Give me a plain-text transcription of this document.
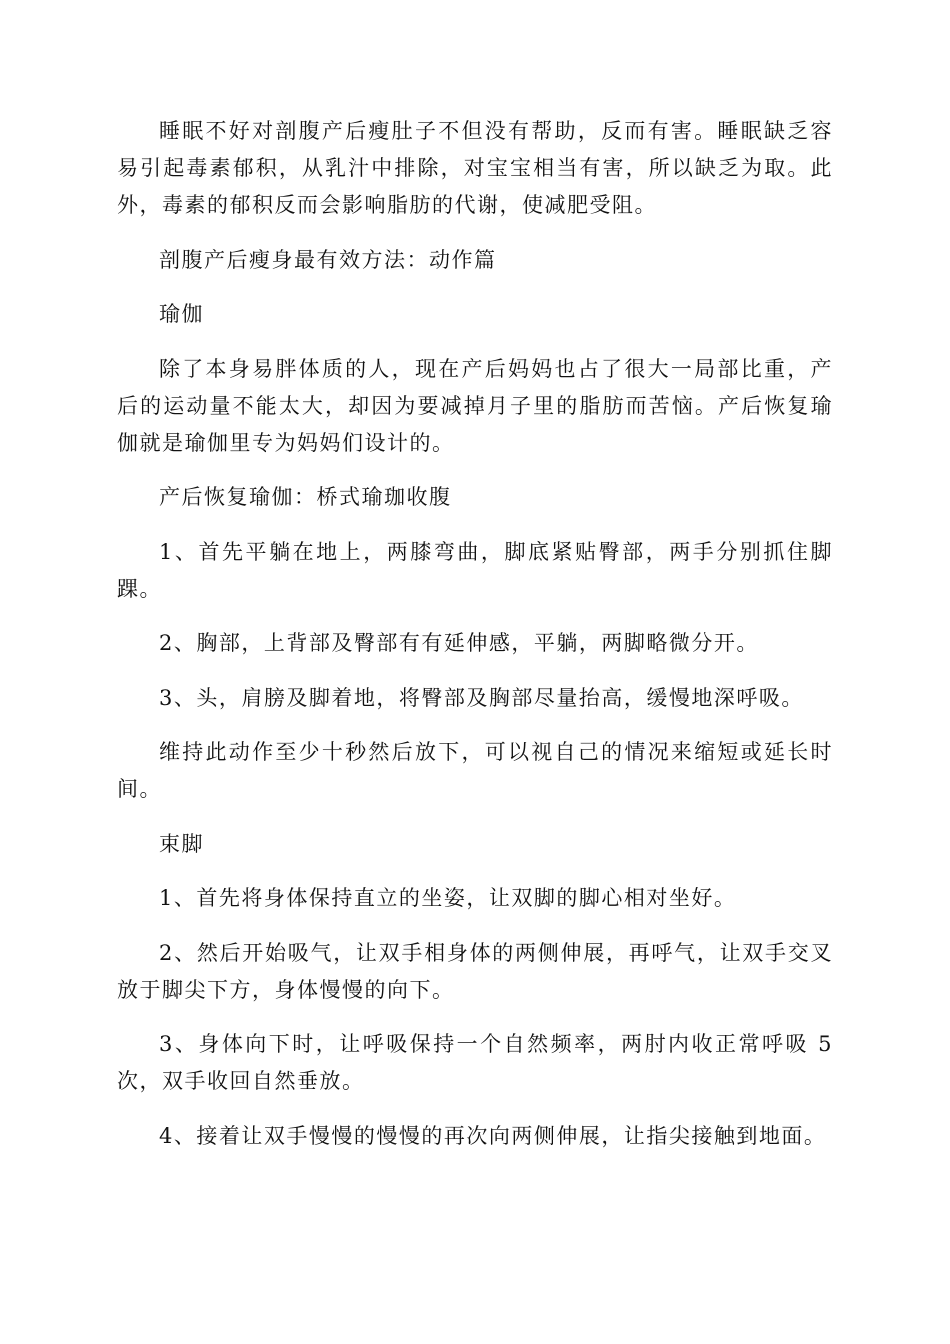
睡眠不好对剖腹产后瘦肚子不但没有帮助，反而有害。睡眠缺乏容易引起毒素郁积，从乳汁中排除，对宝宝相当有害，所以缺乏为取。此外，毒素的郁积反而会影响脂肪的代谢，使减肥受阻。

剖腹产后瘦身最有效方法：动作篇

瑜伽

除了本身易胖体质的人，现在产后妈妈也占了很大一局部比重，产后的运动量不能太大，却因为要减掉月子里的脂肪而苦恼。产后恢复瑜伽就是瑜伽里专为妈妈们设计的。

产后恢复瑜伽：桥式瑜珈收腹

1、首先平躺在地上，两膝弯曲，脚底紧贴臀部，两手分别抓住脚踝。

2、胸部，上背部及臀部有有延伸感，平躺，两脚略微分开。

3、头，肩膀及脚着地，将臀部及胸部尽量抬高，缓慢地深呼吸。

维持此动作至少十秒然后放下，可以视自己的情况来缩短或延长时间。

束脚

1、首先将身体保持直立的坐姿，让双脚的脚心相对坐好。

2、然后开始吸气，让双手相身体的两侧伸展，再呼气，让双手交叉放于脚尖下方，身体慢慢的向下。

3、身体向下时，让呼吸保持一个自然频率，两肘内收正常呼吸 5 次，双手收回自然垂放。

4、接着让双手慢慢的慢慢的再次向两侧伸展，让指尖接触到地面。
